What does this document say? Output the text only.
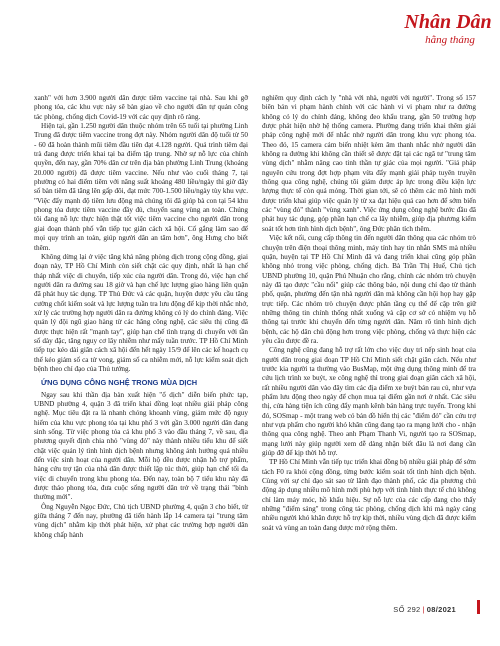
Nhân Dân
hằng tháng

xanh" với hơn 3.900 người dân được tiêm vaccine tại nhà. Sau khi gỡ phong tỏa, các khu vực này sẽ bàn giao về cho người dân tự quản công tác phòng, chống dịch Covid-19 với các quy định rõ ràng.

Hiện tại, gần 1.250 người dân thuộc nhóm trên 65 tuổi tại phường Linh Trung đã được tiêm vaccine trong đợt này. Nhóm người dân độ tuổi từ 50 - 60 đã hoàn thành mũi tiêm đầu tiên đạt 4.128 người. Quá trình tiêm đại trà đang được triển khai tại ba điểm tập trung. Nhờ sự nỗ lực của chính quyền, đến nay, gần 70% dân cư trên địa bàn phường Linh Trung (khoảng 20.000 người) đã được tiêm vaccine. Nếu như vào cuối tháng 7, tại phường có hai điểm tiêm với năng suất khoảng 480 liều/ngày thì giờ đây số bàn tiêm đã tăng lên gấp đôi, đạt mức 700-1.500 liều/ngày tùy khu vực. "Việc đẩy mạnh độ tiêm lưu động mà chúng tôi đã giúp bà con tại 54 khu phong tỏa được tiêm vaccine đầy đủ, chuyển sang vùng an toàn. Chúng tôi đang nỗ lực thực hiện thật tốt việc tiêm vaccine cho người dân trong giai đoạn thành phố vẫn tiếp tục giãn cách xã hội. Cố gắng làm sao để mọi quy trình an toàn, giúp người dân an tâm hơn", ông Hưng cho biết thêm.

Không dừng lại ở việc tăng khả năng phòng dịch trong cộng đồng, giai đoạn này, TP Hồ Chí Minh còn siết chặt các quy định, nhất là hạn chế tháp nhất việc di chuyển, tiếp xúc của người dân. Trong đó, việc hạn chế người dân ra đường sau 18 giờ và hạn chế lực lượng giao hàng liên quận đã phát huy tác dụng. TP Thủ Đức và các quận, huyện được yêu cầu tăng cường chốt kiểm soát và lực lượng tuần tra lưu động để kịp thời nhắc nhở, xử lý các trường hợp người dân ra đường không có lý do chính đáng. Việc quản lý đội ngũ giao hàng từ các hãng công nghệ, các siêu thị cũng đã được thực hiện rất "mạnh tay", giúp hạn chế tình trạng di chuyển với tần số dày đặc, tăng nguy cơ lây nhiễm như mấy tuần trước. TP Hồ Chí Minh tiếp tục kéo dài giãn cách xã hội đến hết ngày 15/9 để lên các kế hoạch cụ thể kéo giảm số ca tử vong, giảm số ca nhiễm mới, nỗ lực kiểm soát dịch bệnh theo chỉ đạo của Thủ tướng.

ỨNG DỤNG CÔNG NGHỆ TRONG MÙA DỊCH

Ngay sau khi thần địa bàn xuất hiện "ổ dịch" diễn biến phức tạp, UBND phường 4, quận 3 đã triển khai đồng loạt nhiều giải pháp công nghệ. Mục tiêu đặt ra là nhanh chóng khoanh vùng, giảm mức độ nguy hiểm của khu vực phong tỏa tại khu phố 3 với gần 3.000 người dân đang sinh sống. Từ việc phong tỏa cả khu phố 3 vào đầu tháng 7, về sau, địa phương quyết định chia nhỏ "vùng đỏ" này thành nhiều tiểu khu để siết chặt việc quản lý tình hình dịch bệnh nhưng không ảnh hưởng quá nhiều đến việc sinh hoạt của người dân. Mỗi hộ đều được nhận hỗ trợ phẩm, hàng cứu trợ tận của nhà dân được thiết lập túc thời, giúp hạn chế tối đa việc di chuyển trong khu phong tỏa. Đến nay, toàn bộ 7 tiểu khu này đã được tháo phong tỏa, đưa cuộc sống người dân trở về trạng thái "bình thường mới".

Ông Nguyễn Ngọc Đức, Chủ tịch UBND phường 4, quận 3 cho biết, từ giữa tháng 7 đến nay, phường đã tiến hành lắp 14 camera tại "trung tâm vùng dịch" nhằm kịp thời phát hiện, xử phạt các trường hợp người dân không chấp hành

nghiêm quy định cách ly "nhà với nhà, người với người". Trong số 157 biên bản vi phạm hành chính với các hành vi vi phạm như ra đường không có lý do chính đáng, không đeo khẩu trang, gần 50 trường hợp được phát hiện nhờ hệ thống camera. Phường đang triển khai thêm giải pháp công nghệ mới để nhắc nhở người dân trong khu vực phong tỏa. Theo đó, 15 camera cảm biến nhiệt kèm âm thanh nhắc nhở người dân không ra đường khi không cần thiết sẽ được đặt tại các ngã tư "trung tâm vùng dịch" nhằm nâng cao tinh thần tự giác của mọi người. "Giả pháp nguyên cứu trong đợt hợp phạm vừa đẩy mạnh giải pháp tuyên truyền thông qua công nghệ, chúng tôi giám được áp lực trong điều kiện lực lượng thực tế còn quá mỏng. Thời gian tới, sẽ có thêm các mô hình mới được triển khai giúp việc quản lý từ xa đạt hiệu quả cao hơn để sớm biến các "vùng đỏ" thành "vùng xanh". Việc ứng dụng công nghệ bước đầu đã phát huy tác dụng, góp phần hạn chế ca lây nhiễm, giúp địa phương kiểm soát tốt hơn tình hình dịch bệnh", ông Đức phân tích thêm.

Việc kết nối, cung cấp thông tin đến người dân thông qua các nhóm trò chuyện trên điện thoại thông minh, máy tính hay tin nhắn SMS mà nhiều quận, huyện tại TP Hồ Chí Minh đã và đang triển khai cũng góp phần không nhỏ trong việc phòng, chống dịch. Bà Trần Thị Huế, Chủ tịch UBND phường 10, quận Phú Nhuận cho rằng, chính các nhóm trò chuyện này đã tạo được "cầu nối" giúp các thông báo, nội dung chỉ đạo từ thành phố, quận, phường đến tận nhà người dân mà không cần hội họp hay gặp trực tiếp. Các nhóm trò chuyện được phân tầng cụ thể để cập trên giữ những thông tin chính thống nhất xuống và cập cơ sở có nhiệm vụ hỗ thông tại trước khi chuyển đến từng người dân. Năm rõ tình hình dịch bệnh, các hộ dân chủ động hơn trong việc phòng, chống và thực hiện các yêu cầu được đề ra.

Công nghệ cũng đang hỗ trợ rất lớn cho việc duy trì nếp sinh hoạt của người dân trong giai đoạn TP Hồ Chí Minh siết chặt giãn cách. Nếu như trước kia người ta thường vào BusMap, một ứng dụng thông minh để tra cứu lịch trình xe buýt, xe công nghệ thì trong giai đoạn giãn cách xã hội, rất nhiều người dân vào đây tìm các địa điểm xe buýt bán rau củ, như vựa phẩm lưu động theo ngày để chọn mua tại điểm gần nơi ở nhất. Các siêu thị, cửa hàng tiện ích cũng đẩy mạnh kênh bán hàng trực tuyến. Trong khi đó, SOSmap - một trang web có bản đồ hiển thị các "điểm đỏ" cần cứu trợ như vựa phẩm cho người khó khăn cũng đang tạo ra mạng lưới cho - nhận thông qua công nghệ. Theo anh Phạm Thanh Vi, người tạo ra SOSmap, mạng lưới này giúp người xem dễ dàng nhận biết đâu là nơi đang cần giúp đỡ để kịp thời hỗ trợ.

TP Hồ Chí Minh vẫn tiếp tục triển khai đồng bộ nhiều giải pháp để sớm tách F0 ra khỏi cộng đồng, từng bước kiểm soát tốt tình hình dịch bệnh. Cùng với sự chỉ đạo sát sao từ lãnh đạo thành phố, các địa phương chủ động áp dụng nhiều mô hình mới phù hợp với tình hình thực tế chủ không chỉ làm máy móc, hồ khẩu hiệu. Sự nỗ lực của các cấp đang cho thấy những "điểm sáng" trong công tác phòng, chống dịch khi mà ngày càng nhiều người khó khăn được hỗ trợ kịp thời, nhiều vùng dịch đã được kiểm soát và vùng an toàn đang được mở rộng thêm.

SỐ 292 | 08/2021
